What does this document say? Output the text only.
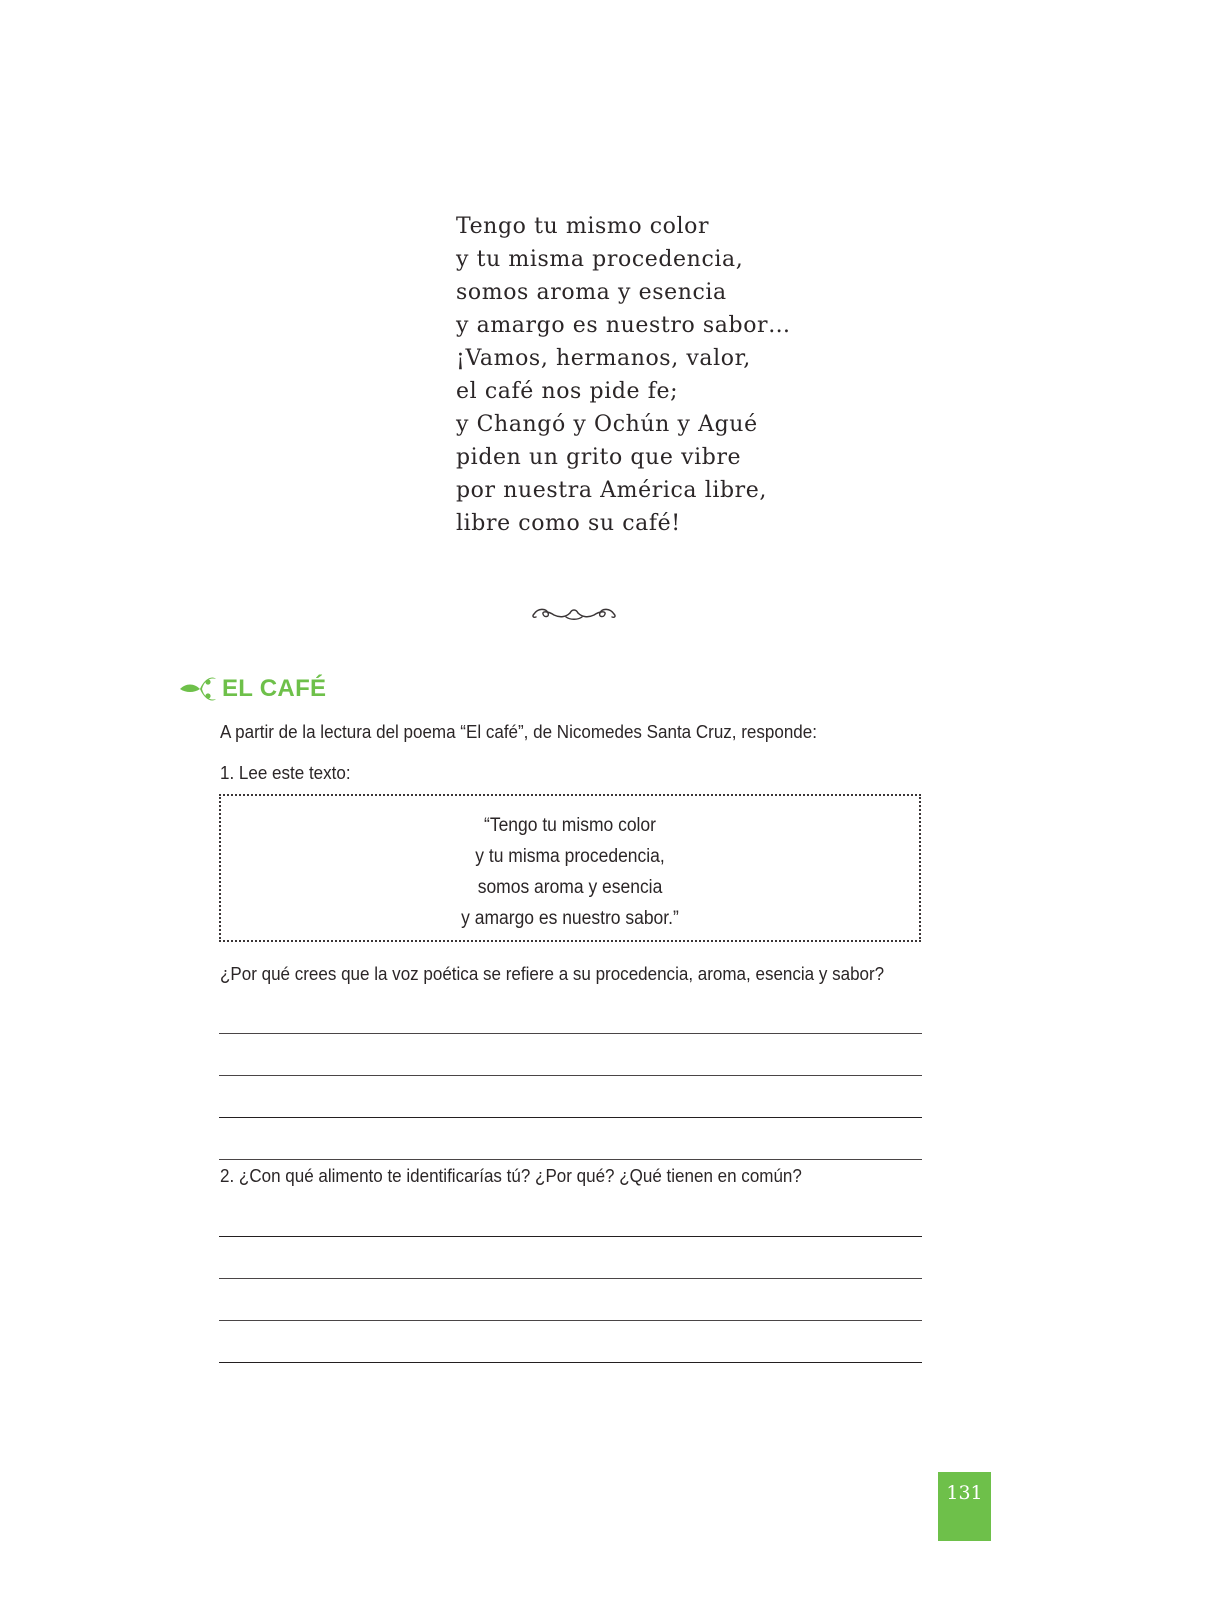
Tengo tu mismo color
y tu misma procedencia,
somos aroma y esencia
y amargo es nuestro sabor…
¡Vamos, hermanos, valor,
el café nos pide fe;
y Changó y Ochún y Agué
piden un grito que vibre
por nuestra América libre,
libre como su café!
EL CAFÉ
A partir de la lectura del poema “El café”, de Nicomedes Santa Cruz, responde:
1. Lee este texto:
“Tengo tu mismo color
y tu misma procedencia,
somos aroma y esencia
y amargo es nuestro sabor.”
¿Por qué crees que la voz poética se refiere a su procedencia, aroma, esencia y sabor?
2. ¿Con qué alimento te identificarías tú? ¿Por qué? ¿Qué tienen en común?
131
